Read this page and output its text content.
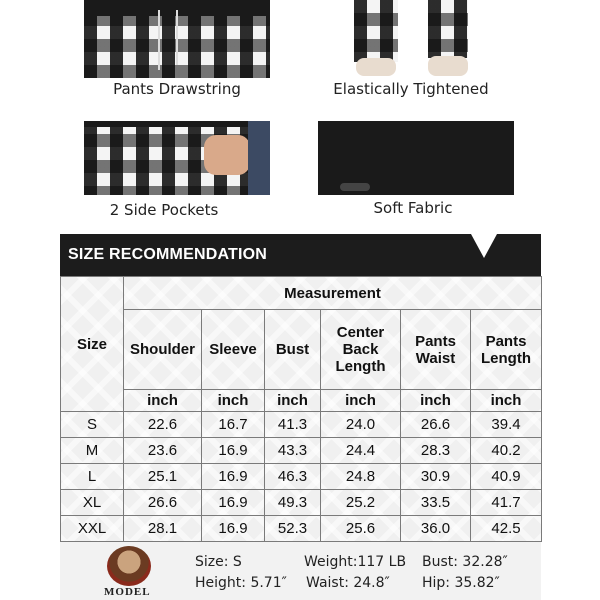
Pants Drawstring	Elastically Tightened
2 Side Pockets	Soft Fabric
SIZE RECOMMENDATION
Size	Measurement					
	Shoulder	Sleeve	Bust	Center Back Length	Pants Waist	Pants Length
	inch	inch	inch	inch	inch	inch
S	22.6	16.7	41.3	24.0	26.6	39.4
M	23.6	16.9	43.3	24.4	28.3	40.2
L	25.1	16.9	46.3	24.8	30.9	40.9
XL	26.6	16.9	49.3	25.2	33.5	41.7
XXL	28.1	16.9	52.3	25.6	36.0	42.5
MODEL
Size: S	Weight:117 LB Bust: 32.28″
Height: 5.71″ Waist: 24.8″ Hip: 35.82″
